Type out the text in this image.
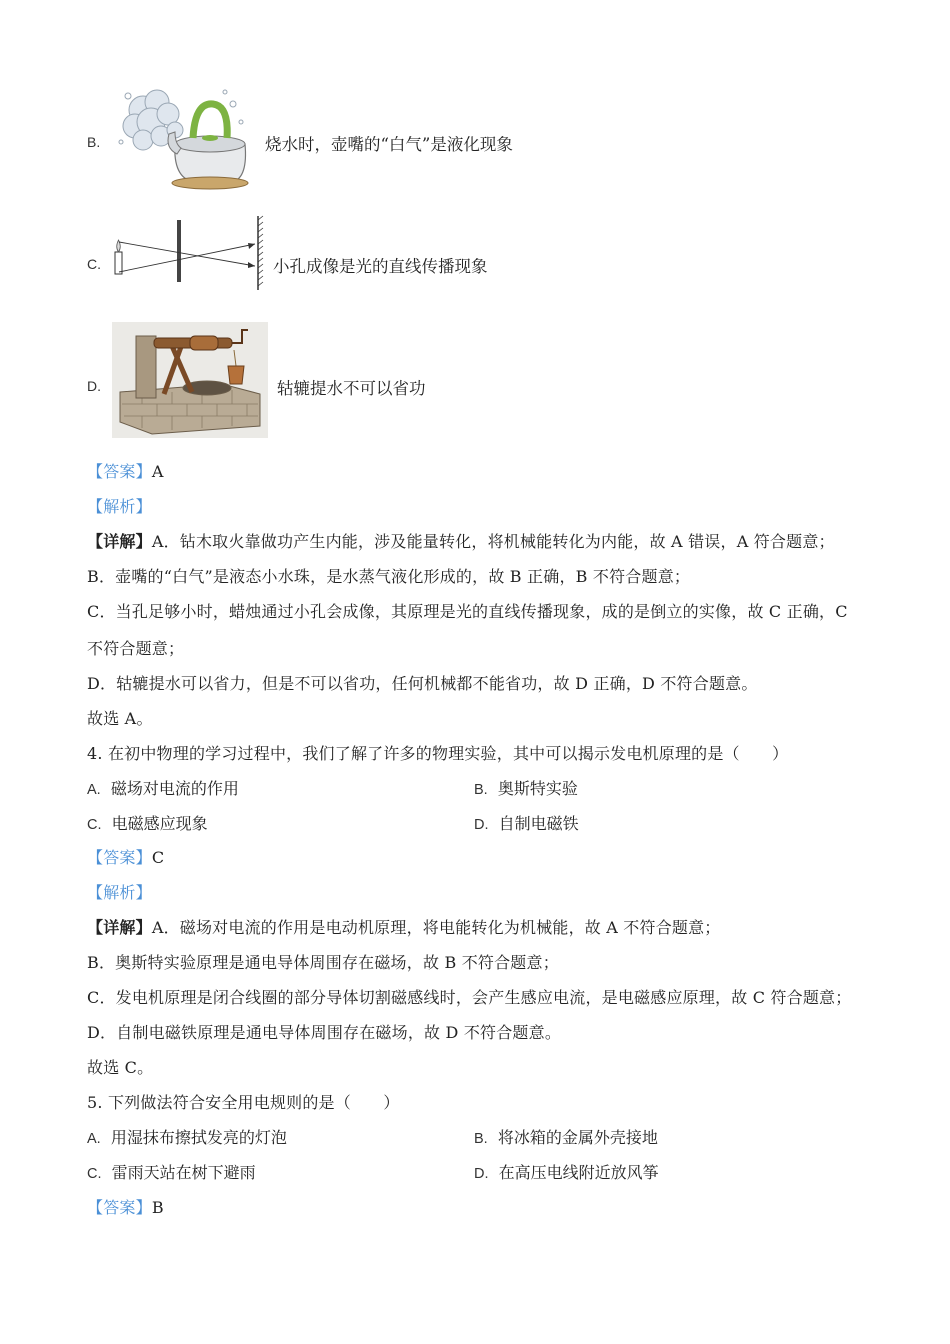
B.	烧水时，壶嘴的“白气”是液化现象
C.	小孔成像是光的直线传播现象
D.	轱辘提水不可以省功
【答案】A
【解析】
【详解】A．钻木取火靠做功产生内能，涉及能量转化，将机械能转化为内能，故 A 错误，A 符合题意；
B．壶嘴的“白气”是液态小水珠，是水蒸气液化形成的，故 B 正确，B 不符合题意；
C．当孔足够小时，蜡烛通过小孔会成像，其原理是光的直线传播现象，成的是倒立的实像，故 C 正确，C
不符合题意；
D．轱辘提水可以省力，但是不可以省功，任何机械都不能省功，故 D 正确，D 不符合题意。
故选 A。
4. 在初中物理的学习过程中，我们了解了许多的物理实验，其中可以揭示发电机原理的是（　　）
A. 磁场对电流的作用	B. 奥斯特实验
C. 电磁感应现象	D. 自制电磁铁
【答案】C
【解析】
【详解】A．磁场对电流的作用是电动机原理，将电能转化为机械能，故 A 不符合题意；
B．奥斯特实验原理是通电导体周围存在磁场，故 B 不符合题意；
C．发电机原理是闭合线圈的部分导体切割磁感线时，会产生感应电流，是电磁感应原理，故 C 符合题意；
D．自制电磁铁原理是通电导体周围存在磁场，故 D 不符合题意。
故选 C。
5. 下列做法符合安全用电规则的是（　　）
A. 用湿抹布擦拭发亮的灯泡	B. 将冰箱的金属外壳接地
C. 雷雨天站在树下避雨	D. 在高压电线附近放风筝
【答案】B
